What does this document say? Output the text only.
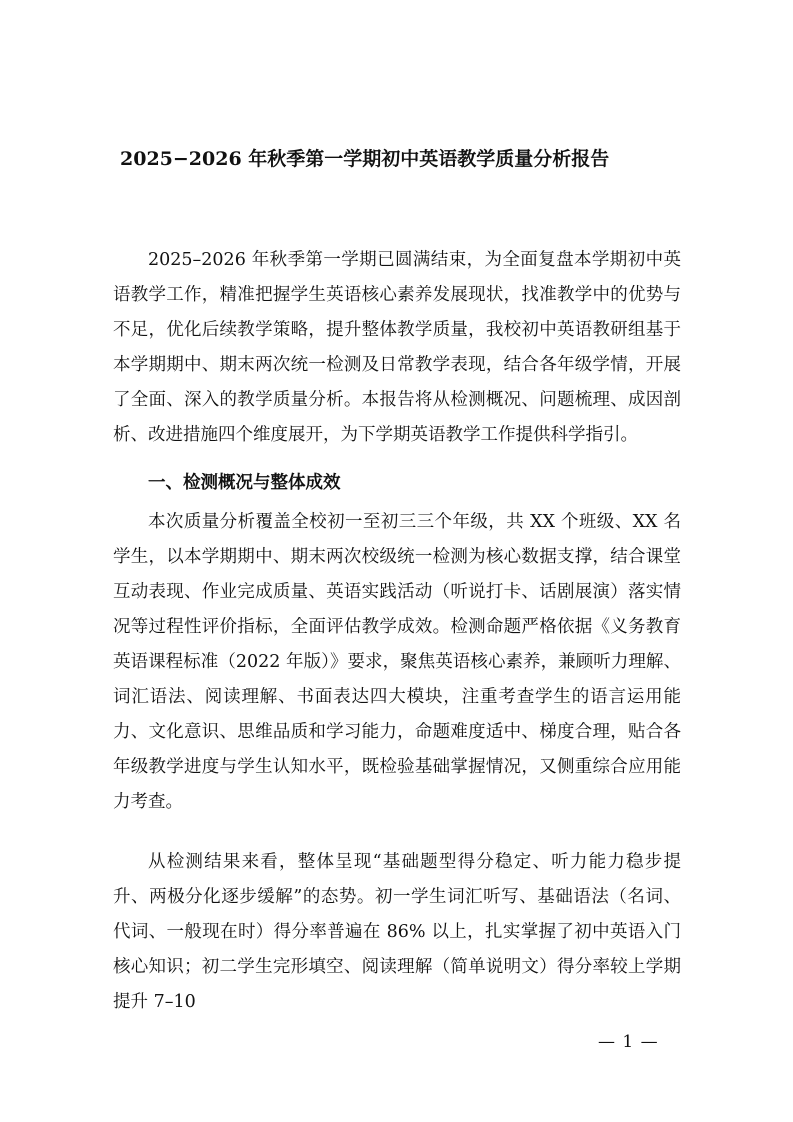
2025−2026 年秋季第一学期初中英语教学质量分析报告

2025–2026 年秋季第一学期已圆满结束，为全面复盘本学期初中英语教学工作，精准把握学生英语核心素养发展现状，找准教学中的优势与不足，优化后续教学策略，提升整体教学质量，我校初中英语教研组基于本学期期中、期末两次统一检测及日常教学表现，结合各年级学情，开展了全面、深入的教学质量分析。本报告将从检测概况、问题梳理、成因剖析、改进措施四个维度展开，为下学期英语教学工作提供科学指引。

一、检测概况与整体成效

本次质量分析覆盖全校初一至初三三个年级，共 XX 个班级、XX 名学生，以本学期期中、期末两次校级统一检测为核心数据支撑，结合课堂互动表现、作业完成质量、英语实践活动（听说打卡、话剧展演）落实情况等过程性评价指标，全面评估教学成效。检测命题严格依据《义务教育英语课程标准（2022 年版）》要求，聚焦英语核心素养，兼顾听力理解、词汇语法、阅读理解、书面表达四大模块，注重考查学生的语言运用能力、文化意识、思维品质和学习能力，命题难度适中、梯度合理，贴合各年级教学进度与学生认知水平，既检验基础掌握情况，又侧重综合应用能力考查。

从检测结果来看，整体呈现“基础题型得分稳定、听力能力稳步提升、两极分化逐步缓解”的态势。初一学生词汇听写、基础语法（名词、代词、一般现在时）得分率普遍在 86% 以上，扎实掌握了初中英语入门核心知识；初二学生完形填空、阅读理解（简单说明文）得分率较上学期提升 7–10

— 1 —
